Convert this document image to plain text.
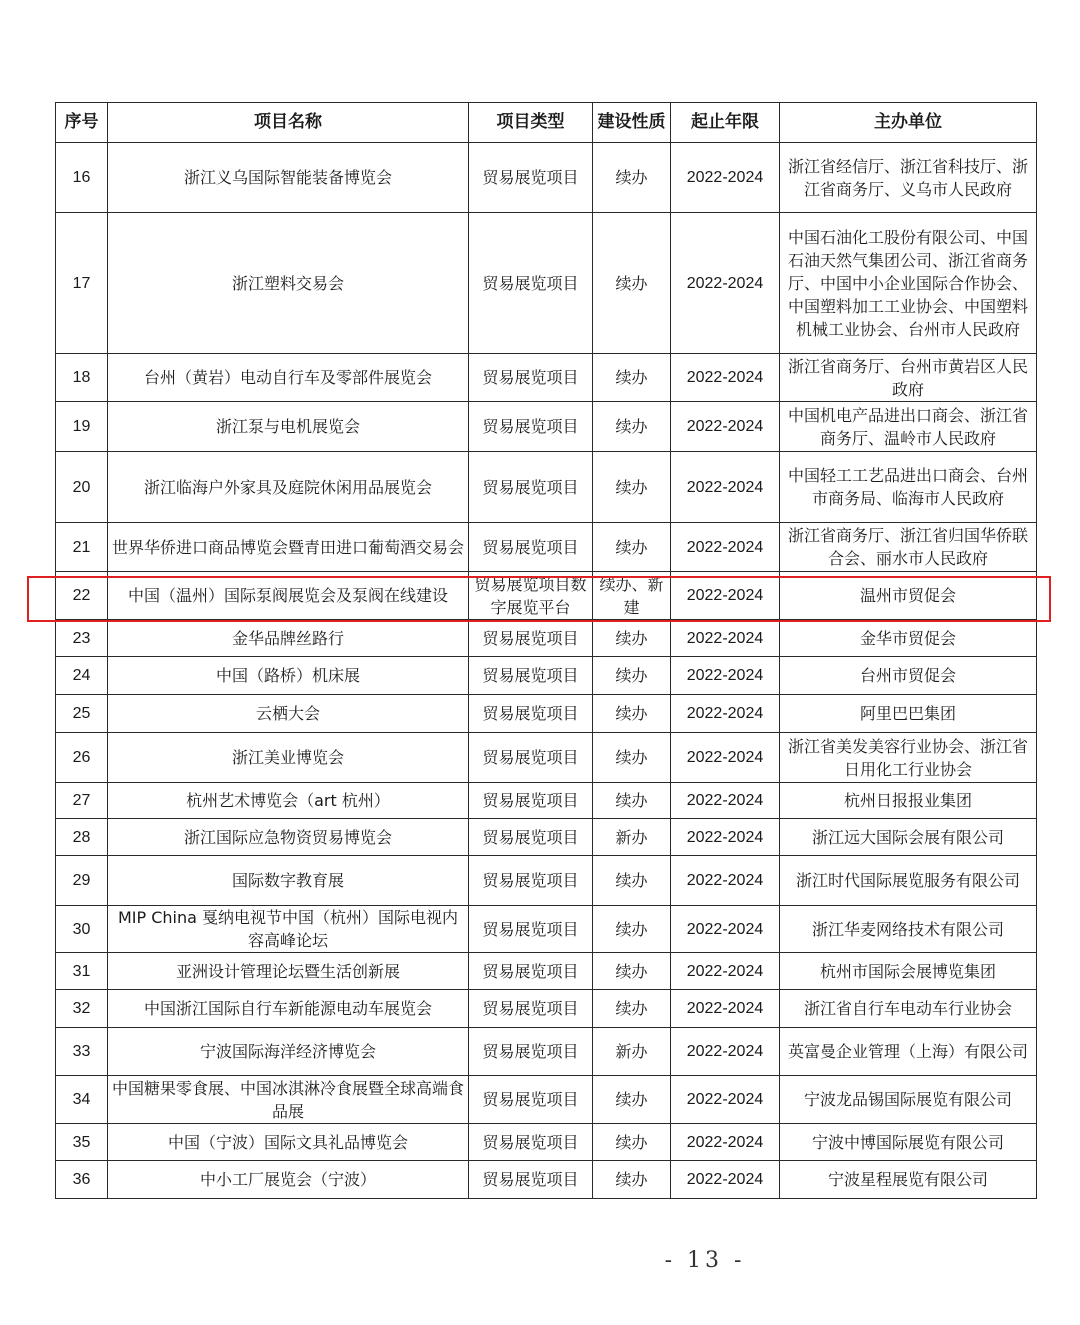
序号	项目名称	项目类型	建设性质	起止年限	主办单位
16	浙江义乌国际智能装备博览会	贸易展览项目	续办	2022-2024	浙江省经信厅、浙江省科技厅、浙江省商务厅、义乌市人民政府
17	浙江塑料交易会	贸易展览项目	续办	2022-2024	中国石油化工股份有限公司、中国石油天然气集团公司、浙江省商务厅、中国中小企业国际合作协会、中国塑料加工工业协会、中国塑料机械工业协会、台州市人民政府
18	台州（黄岩）电动自行车及零部件展览会	贸易展览项目	续办	2022-2024	浙江省商务厅、台州市黄岩区人民政府
19	浙江泵与电机展览会	贸易展览项目	续办	2022-2024	中国机电产品进出口商会、浙江省商务厅、温岭市人民政府
20	浙江临海户外家具及庭院休闲用品展览会	贸易展览项目	续办	2022-2024	中国轻工工艺品进出口商会、台州市商务局、临海市人民政府
21	世界华侨进口商品博览会暨青田进口葡萄酒交易会	贸易展览项目	续办	2022-2024	浙江省商务厅、浙江省归国华侨联合会、丽水市人民政府
22	中国（温州）国际泵阀展览会及泵阀在线建设	贸易展览项目数字展览平台	续办、新建	2022-2024	温州市贸促会
23	金华品牌丝路行	贸易展览项目	续办	2022-2024	金华市贸促会
24	中国（路桥）机床展	贸易展览项目	续办	2022-2024	台州市贸促会
25	云栖大会	贸易展览项目	续办	2022-2024	阿里巴巴集团
26	浙江美业博览会	贸易展览项目	续办	2022-2024	浙江省美发美容行业协会、浙江省日用化工行业协会
27	杭州艺术博览会（art 杭州）	贸易展览项目	续办	2022-2024	杭州日报报业集团
28	浙江国际应急物资贸易博览会	贸易展览项目	新办	2022-2024	浙江远大国际会展有限公司
29	国际数字教育展	贸易展览项目	续办	2022-2024	浙江时代国际展览服务有限公司
30	MIP China 戛纳电视节中国（杭州）国际电视内容高峰论坛	贸易展览项目	续办	2022-2024	浙江华麦网络技术有限公司
31	亚洲设计管理论坛暨生活创新展	贸易展览项目	续办	2022-2024	杭州市国际会展博览集团
32	中国浙江国际自行车新能源电动车展览会	贸易展览项目	续办	2022-2024	浙江省自行车电动车行业协会
33	宁波国际海洋经济博览会	贸易展览项目	新办	2022-2024	英富曼企业管理（上海）有限公司
34	中国糖果零食展、中国冰淇淋冷食展暨全球高端食品展	贸易展览项目	续办	2022-2024	宁波龙品锡国际展览有限公司
35	中国（宁波）国际文具礼品博览会	贸易展览项目	续办	2022-2024	宁波中博国际展览有限公司
36	中小工厂展览会（宁波）	贸易展览项目	续办	2022-2024	宁波星程展览有限公司
- 13 -
